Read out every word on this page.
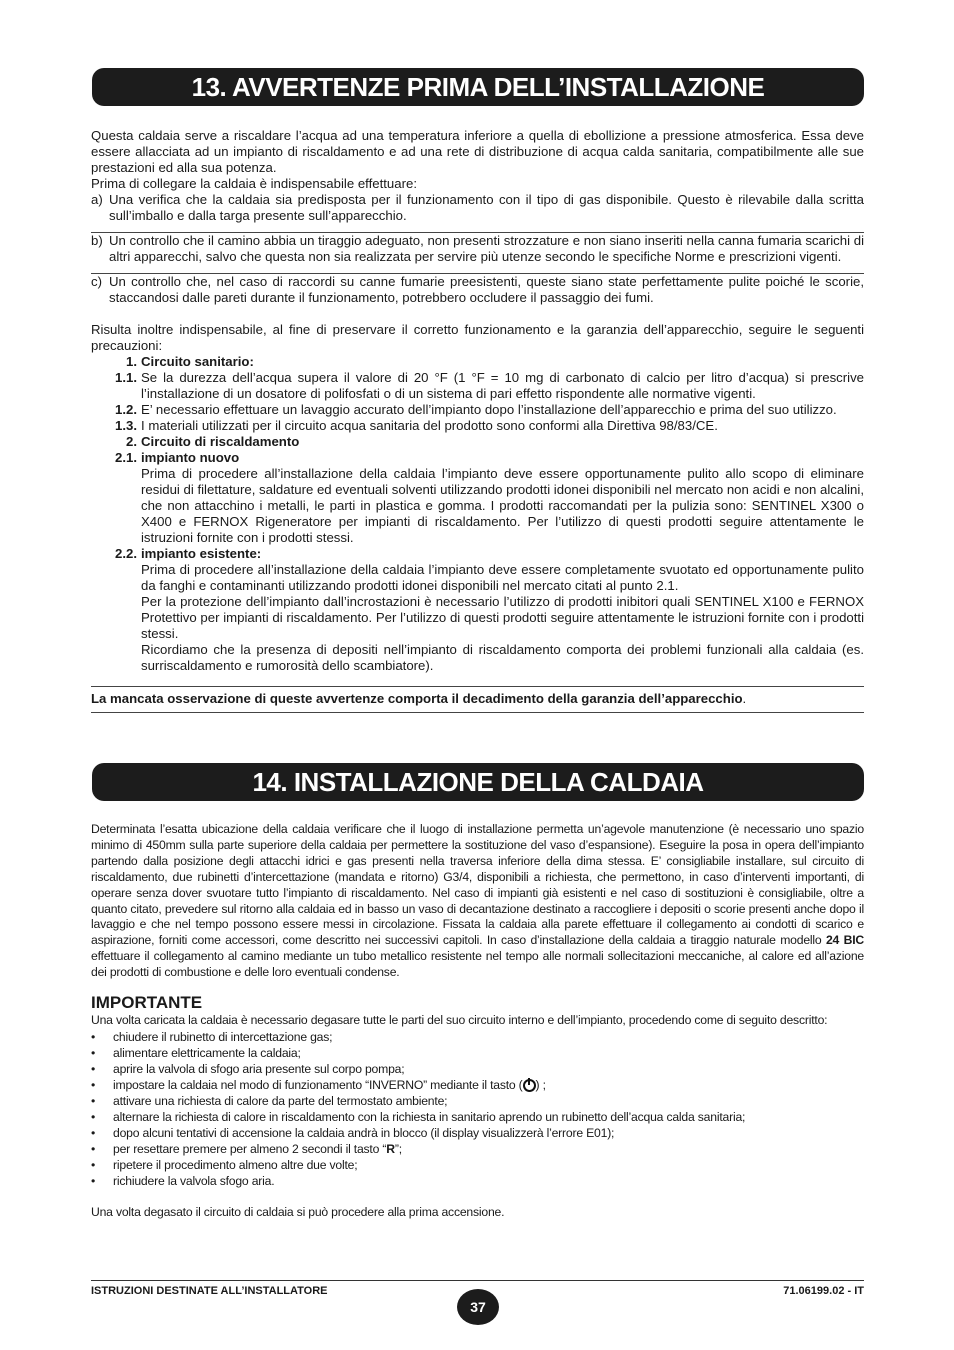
13. AVVERTENZE PRIMA DELL’INSTALLAZIONE

Questa caldaia serve a riscaldare l’acqua ad una temperatura inferiore a quella di ebollizione a pressione atmosferica. Essa deve essere allacciata ad un impianto di riscaldamento e ad una rete di distribuzione di acqua calda sanitaria, compatibilmente alle sue prestazioni ed alla sua potenza.

Prima di collegare la caldaia è indispensabile effettuare:

a) Una verifica che la caldaia sia predisposta per il funzionamento con il tipo di gas disponibile. Questo è rilevabile dalla scritta sull’imballo e dalla targa presente sull’apparecchio.
b) Un controllo che il camino abbia un tiraggio adeguato, non presenti strozzature e non siano inseriti nella canna fumaria scarichi di altri apparecchi, salvo che questa non sia realizzata per servire più utenze secondo le specifiche Norme e prescrizioni vigenti.
c) Un controllo che, nel caso di raccordi su canne fumarie preesistenti, queste siano state perfettamente pulite poiché le scorie, staccandosi dalle pareti durante il funzionamento, potrebbero occludere il passaggio dei fumi.

Risulta inoltre indispensabile, al fine di preservare il corretto funzionamento e la garanzia dell’apparecchio, seguire le seguenti precauzioni:

1. Circuito sanitario:
1.1. Se la durezza dell’acqua supera il valore di 20 °F (1 °F = 10 mg di carbonato di calcio per litro d’acqua) si prescrive l’installazione di un dosatore di polifosfati o di un sistema di pari effetto rispondente alle normative vigenti.
1.2. E’ necessario effettuare un lavaggio accurato dell’impianto dopo l’installazione dell’apparecchio e prima del suo utilizzo.
1.3. I materiali utilizzati per il circuito acqua sanitaria del prodotto sono conformi alla Direttiva 98/83/CE.
2. Circuito di riscaldamento
2.1. impianto nuovo

Prima di procedere all’installazione della caldaia l’impianto deve essere opportunamente pulito allo scopo di eliminare residui di filettature, saldature ed eventuali solventi utilizzando prodotti idonei disponibili nel mercato non acidi e non alcalini, che non attacchino i metalli, le parti in plastica e gomma. I prodotti raccomandati per la pulizia sono: SENTINEL X300 o X400 e FERNOX Rigeneratore per impianti di riscaldamento. Per l’utilizzo di questi prodotti seguire attentamente le istruzioni fornite con i prodotti stessi.

2.2. impianto esistente:

Prima di procedere all’installazione della caldaia l’impianto deve essere completamente svuotato ed opportunamente pulito da fanghi e contaminanti utilizzando prodotti idonei disponibili nel mercato citati al punto 2.1.

Per la protezione dell’impianto dall’incrostazioni è necessario l’utilizzo di prodotti inibitori quali SENTINEL X100 e FERNOX Protettivo per impianti di riscaldamento. Per l’utilizzo di questi prodotti seguire attentamente le istruzioni fornite con i prodotti stessi.

Ricordiamo che la presenza di depositi nell’impianto di riscaldamento comporta dei problemi funzionali alla caldaia (es. surriscaldamento e rumorosità dello scambiatore).

La mancata osservazione di queste avvertenze comporta il decadimento della garanzia dell’apparecchio.
14. INSTALLAZIONE DELLA CALDAIA

Determinata l’esatta ubicazione della caldaia verificare che il luogo di installazione permetta un’agevole manutenzione (è necessario uno spazio minimo di 450mm sulla parte superiore della caldaia per permettere la sostituzione del vaso d’espansione). Eseguire la posa in opera dell’impianto partendo dalla posizione degli attacchi idrici e gas presenti nella traversa inferiore della dima stessa. E’ consigliabile installare, sul circuito di riscaldamento, due rubinetti d’intercettazione (mandata e ritorno) G3/4, disponibili a richiesta, che permettono, in caso d’interventi importanti, di operare senza dover svuotare tutto l’impianto di riscaldamento. Nel caso di impianti già esistenti e nel caso di sostituzioni è consigliabile, oltre a quanto citato, prevedere sul ritorno alla caldaia ed in basso un vaso di decantazione destinato a raccogliere i depositi o scorie presenti anche dopo il lavaggio e che nel tempo possono essere messi in circolazione. Fissata la caldaia alla parete effettuare il collegamento ai condotti di scarico e aspirazione, forniti come accessori, come descritto nei successivi capitoli. In caso d’installazione della caldaia a tiraggio naturale modello 24 BIC effettuare il collegamento al camino mediante un tubo metallico resistente nel tempo alle normali sollecitazioni meccaniche, al calore ed all’azione dei prodotti di combustione e delle loro eventuali condense.

IMPORTANTE

Una volta caricata la caldaia è necessario degasare tutte le parti del suo circuito interno e dell’impianto, procedendo come di seguito descritto:

•	chiudere il rubinetto di intercettazione gas;
•	alimentare elettricamente la caldaia;
•	aprire la valvola di sfogo aria presente sul corpo pompa;
•	impostare la caldaia nel modo di funzionamento “INVERNO” mediante il tasto ( ) ;
•	attivare una richiesta di calore da parte del termostato ambiente;
•	alternare la richiesta di calore in riscaldamento con la richiesta in sanitario aprendo un rubinetto dell’acqua calda sanitaria;
•	dopo alcuni tentativi di accensione la caldaia andrà in blocco (il display visualizzerà l’errore E01);
•	per resettare premere per almeno 2 secondi il tasto “R”;
•	ripetere il procedimento almeno altre due volte;
•	richiudere la valvola sfogo aria.

Una volta degasato il circuito di caldaia si può procedere alla prima accensione.

ISTRUZIONI DESTINATE ALL’INSTALLATORE	71.06199.02 - IT
37
